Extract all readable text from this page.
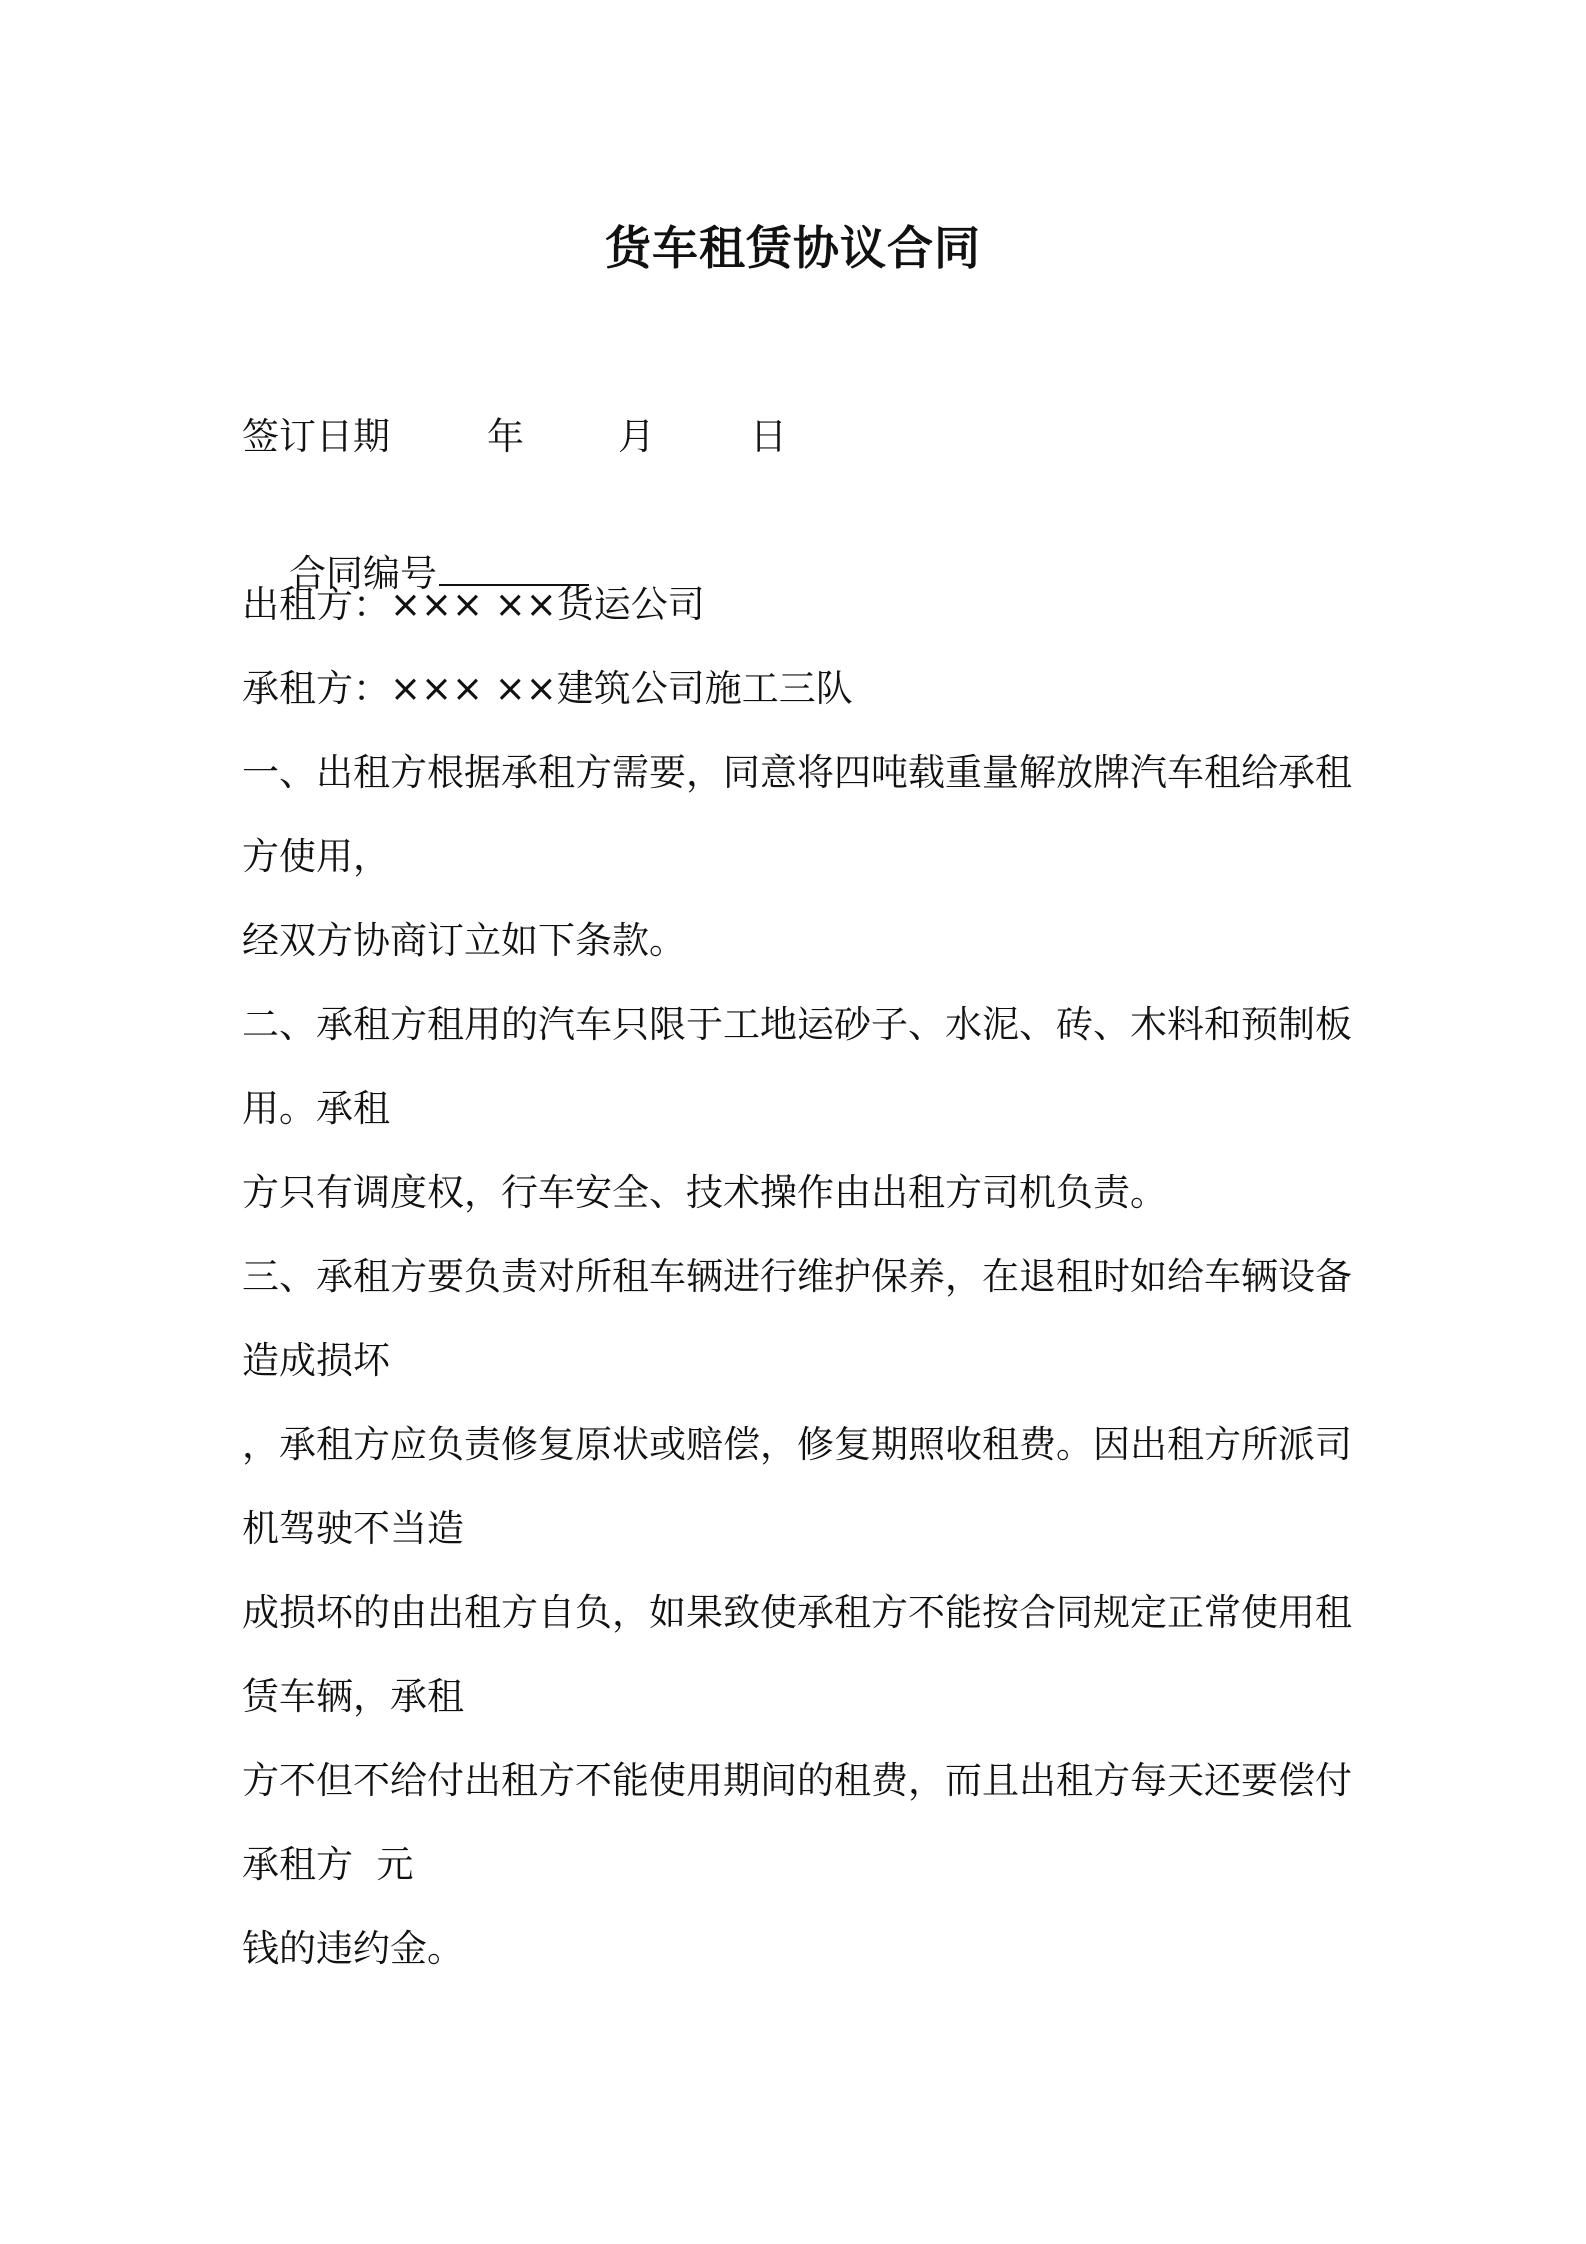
货车租赁协议合同
签订日期	年	月	日

合同编号

出租方：××× ××货运公司
承租方：××× ××建筑公司施工三队
一、出租方根据承租方需要，同意将四吨载重量解放牌汽车租给承租
方使用，
经双方协商订立如下条款。
二、承租方租用的汽车只限于工地运砂子、水泥、砖、木料和预制板
用。承租
方只有调度权，行车安全、技术操作由出租方司机负责。
三、承租方要负责对所租车辆进行维护保养，在退租时如给车辆设备
造成损坏
，承租方应负责修复原状或赔偿，修复期照收租费。因出租方所派司
机驾驶不当造
成损坏的由出租方自负，如果致使承租方不能按合同规定正常使用租
赁车辆，承租
方不但不给付出租方不能使用期间的租费，而且出租方每天还要偿付
承租方  元
钱的违约金。
